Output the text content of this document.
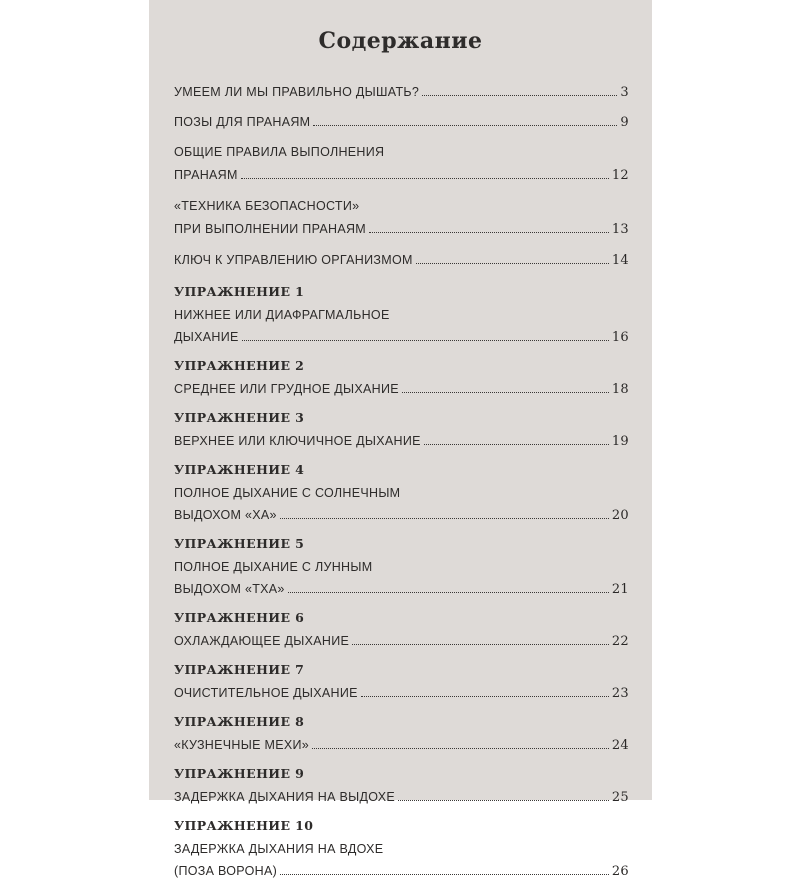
Содержание
УМЕЕМ ЛИ МЫ ПРАВИЛЬНО ДЫШАТЬ?	3
ПОЗЫ ДЛЯ ПРАНАЯМ	9
ОБЩИЕ ПРАВИЛА ВЫПОЛНЕНИЯ
ПРАНАЯМ	12
«ТЕХНИКА БЕЗОПАСНОСТИ»
ПРИ ВЫПОЛНЕНИИ ПРАНАЯМ	13
КЛЮЧ К УПРАВЛЕНИЮ ОРГАНИЗМОМ	14
УПРАЖНЕНИЕ 1
НИЖНЕЕ ИЛИ ДИАФРАГМАЛЬНОЕ
ДЫХАНИЕ	16
УПРАЖНЕНИЕ 2
СРЕДНЕЕ ИЛИ ГРУДНОЕ ДЫХАНИЕ	18
УПРАЖНЕНИЕ 3
ВЕРХНЕЕ ИЛИ КЛЮЧИЧНОЕ ДЫХАНИЕ	19
УПРАЖНЕНИЕ 4
ПОЛНОЕ ДЫХАНИЕ С СОЛНЕЧНЫМ
ВЫДОХОМ «ХА»	20
УПРАЖНЕНИЕ 5
ПОЛНОЕ ДЫХАНИЕ С ЛУННЫМ
ВЫДОХОМ «ТХА»	21
УПРАЖНЕНИЕ 6
ОХЛАЖДАЮЩЕЕ ДЫХАНИЕ	22
УПРАЖНЕНИЕ 7
ОЧИСТИТЕЛЬНОЕ ДЫХАНИЕ	23
УПРАЖНЕНИЕ 8
«КУЗНЕЧНЫЕ МЕХИ»	24
УПРАЖНЕНИЕ 9
ЗАДЕРЖКА ДЫХАНИЯ НА ВЫДОХЕ	25
УПРАЖНЕНИЕ 10
ЗАДЕРЖКА ДЫХАНИЯ НА ВДОХЕ
(ПОЗА ВОРОНА)	26
